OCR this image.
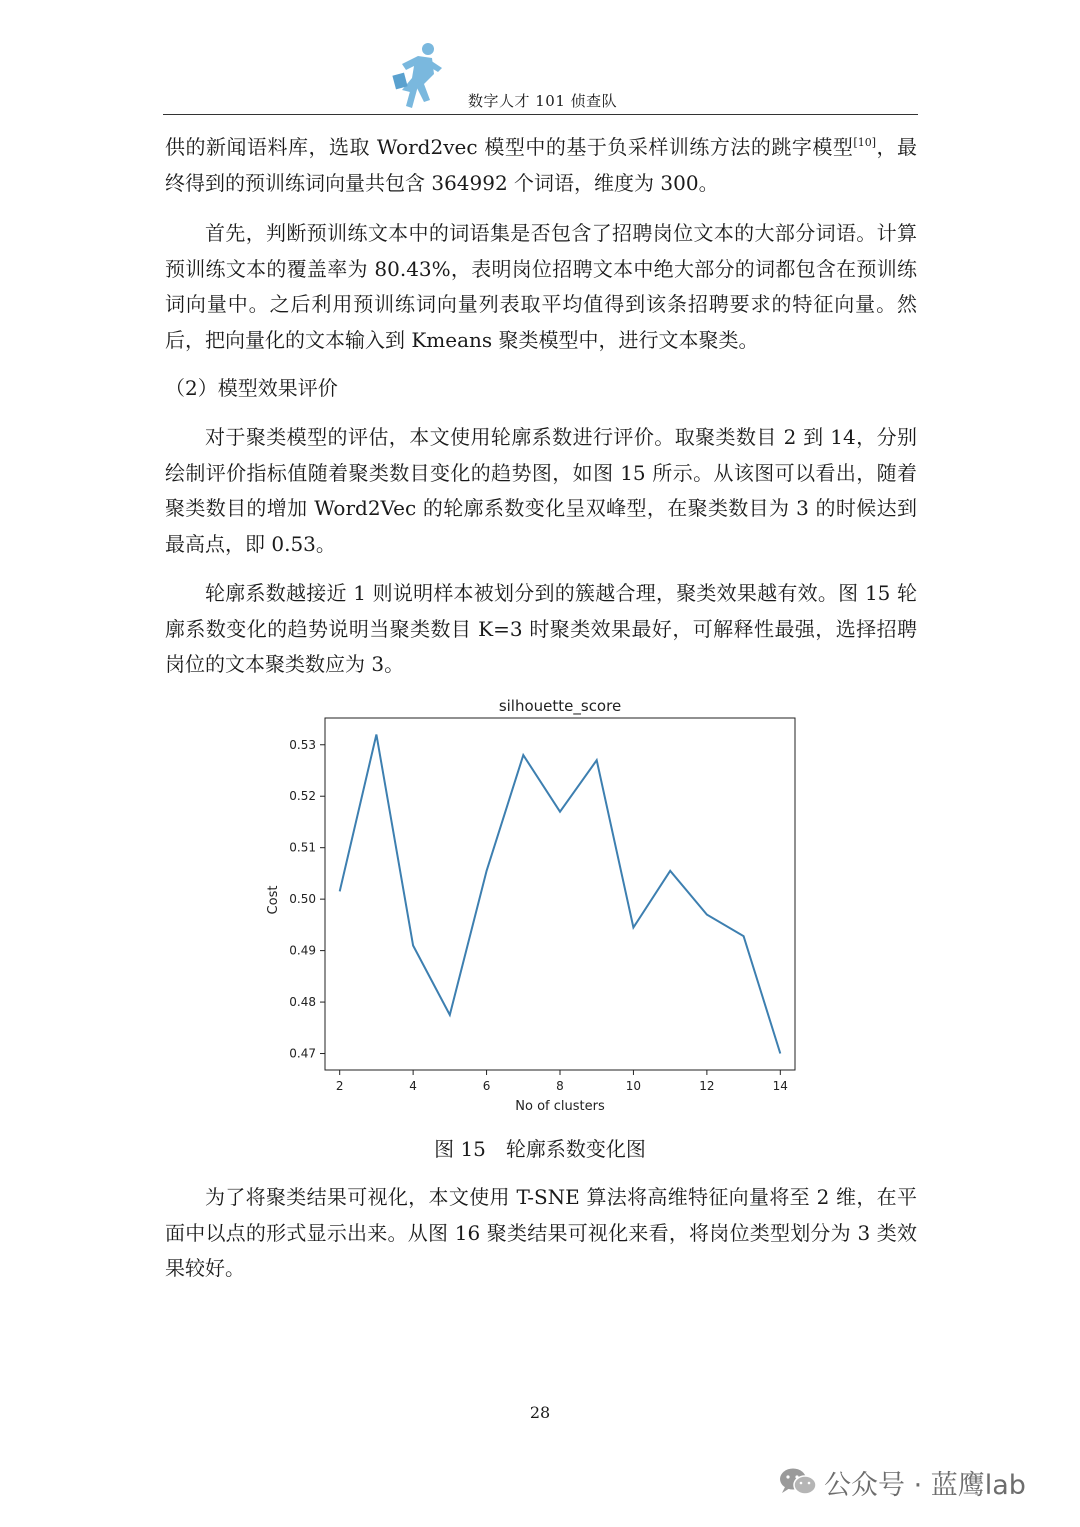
数字人才 101 侦查队

供的新闻语料库，选取 Word2vec 模型中的基于负采样训练方法的跳字模型[10]，最终得到的预训练词向量共包含 364992 个词语，维度为 300。

首先，判断预训练文本中的词语集是否包含了招聘岗位文本的大部分词语。计算预训练文本的覆盖率为 80.43%，表明岗位招聘文本中绝大部分的词都包含在预训练词向量中。之后利用预训练词向量列表取平均值得到该条招聘要求的特征向量。然后，把向量化的文本输入到 Kmeans 聚类模型中，进行文本聚类。

（2）模型效果评价

对于聚类模型的评估，本文使用轮廓系数进行评价。取聚类数目 2 到 14，分别绘制评价指标值随着聚类数目变化的趋势图，如图 15 所示。从该图可以看出，随着聚类数目的增加 Word2Vec 的轮廓系数变化呈双峰型，在聚类数目为 3 的时候达到最高点，即 0.53。

轮廓系数越接近 1 则说明样本被划分到的簇越合理，聚类效果越有效。图 15 轮廓系数变化的趋势说明当聚类数目 K=3 时聚类效果最好，可解释性最强，选择招聘岗位的文本聚类数应为 3。

silhouette_score
No of clusters
Cost
2	4	6	8	10	12	14
0.47
0.48
0.49
0.50
0.51
0.52
0.53
图 15　轮廓系数变化图

为了将聚类结果可视化，本文使用 T-SNE 算法将高维特征向量将至 2 维，在平面中以点的形式显示出来。从图 16 聚类结果可视化来看，将岗位类型划分为 3 类效果较好。

28
公众号 · 蓝鹰lab
